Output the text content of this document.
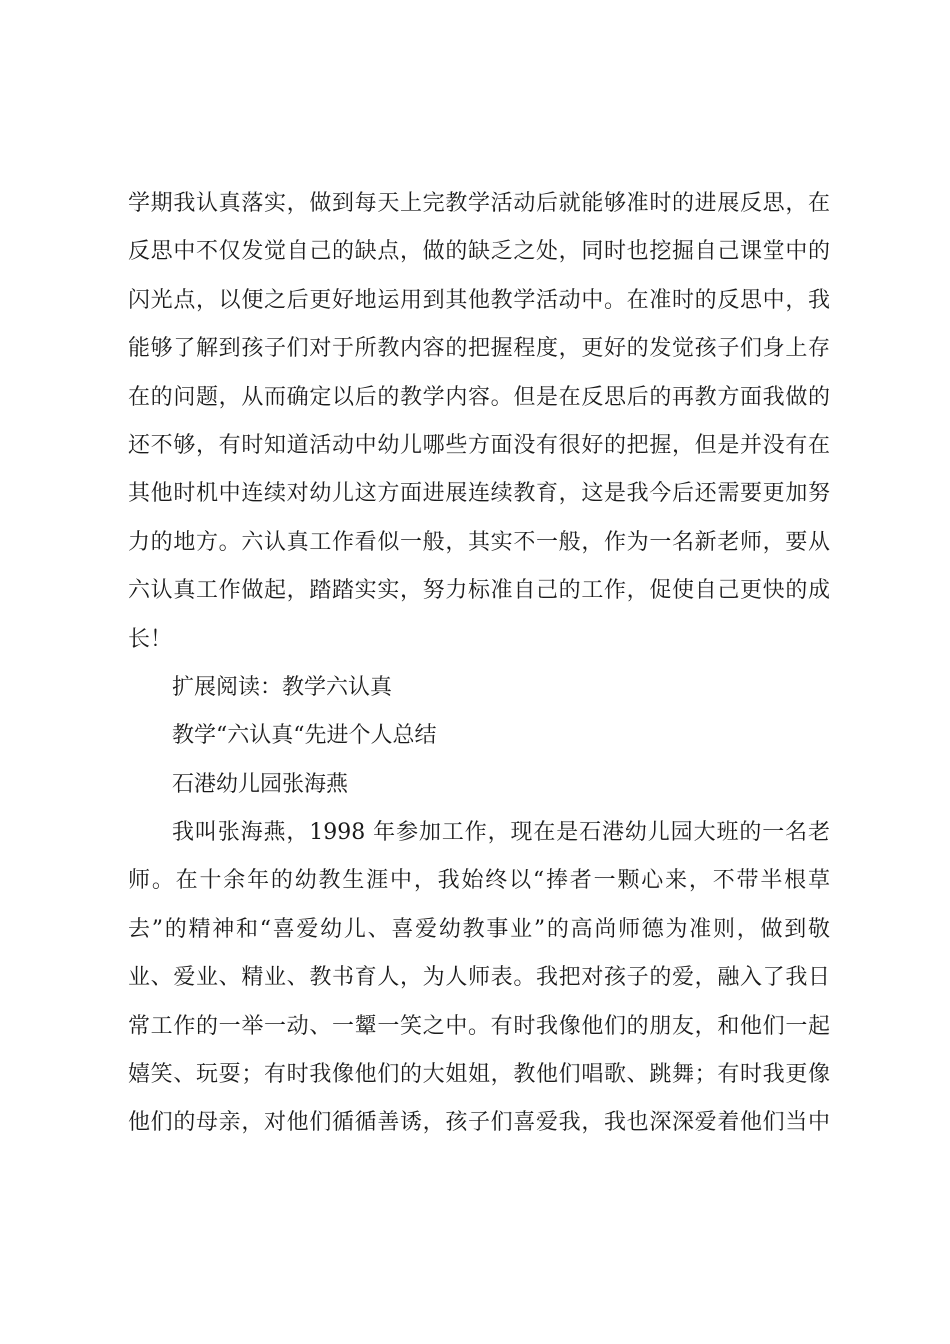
学期我认真落实，做到每天上完教学活动后就能够准时的进展反思，在
反思中不仅发觉自己的缺点，做的缺乏之处，同时也挖掘自己课堂中的
闪光点，以便之后更好地运用到其他教学活动中。在准时的反思中，我
能够了解到孩子们对于所教内容的把握程度，更好的发觉孩子们身上存
在的问题，从而确定以后的教学内容。但是在反思后的再教方面我做的
还不够，有时知道活动中幼儿哪些方面没有很好的把握，但是并没有在
其他时机中连续对幼儿这方面进展连续教育，这是我今后还需要更加努
力的地方。六认真工作看似一般，其实不一般，作为一名新老师，要从
六认真工作做起，踏踏实实，努力标准自己的工作，促使自己更快的成
长！
扩展阅读：教学六认真
教学“六认真“先进个人总结
石港幼儿园张海燕
我叫张海燕，1998 年参加工作，现在是石港幼儿园大班的一名老
师。在十余年的幼教生涯中，我始终以“捧者一颗心来，不带半根草
去”的精神和“喜爱幼儿、喜爱幼教事业”的高尚师德为准则，做到敬
业、爱业、精业、教书育人，为人师表。我把对孩子的爱，融入了我日
常工作的一举一动、一颦一笑之中。有时我像他们的朋友，和他们一起
嬉笑、玩耍；有时我像他们的大姐姐，教他们唱歌、跳舞；有时我更像
他们的母亲，对他们循循善诱，孩子们喜爱我，我也深深爱着他们当中
